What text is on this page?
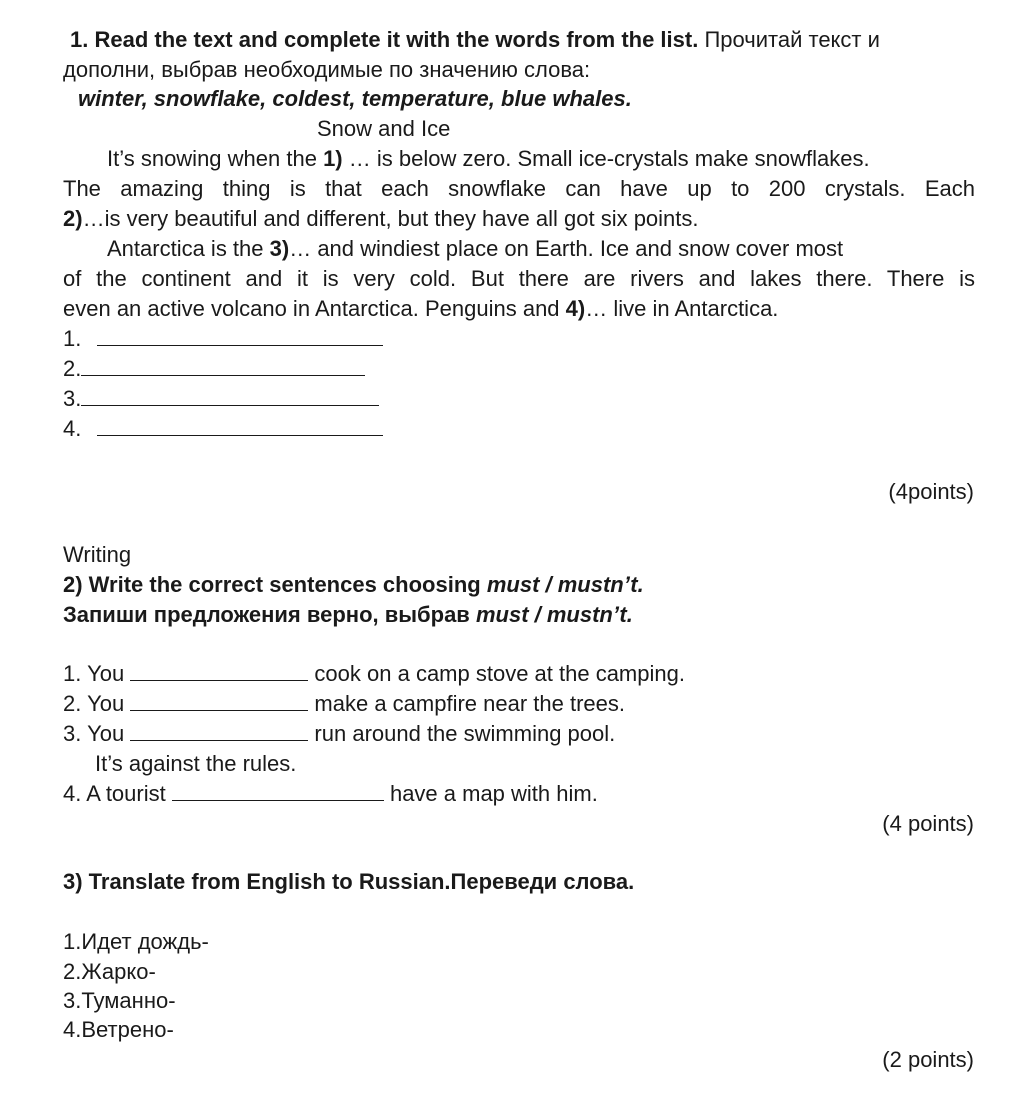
1. Read the text and complete it with the words from the list. Прочитай текст и
дополни, выбрав необходимые по значению слова:
winter, snowflake, coldest, temperature, blue whales.
Snow and Ice
It’s snowing when the 1) … is below zero. Small ice-crystals make snowflakes.
The amazing thing is that each snowflake can have up to 200 crystals. Each
2)…is very beautiful and different, but they have all got six points.
Antarctica is the 3)… and windiest place on Earth. Ice and snow cover most
of the continent and it is very cold. But there are rivers and lakes there. There is
even an active volcano in Antarctica. Penguins and 4)… live in Antarctica.
1.
2.
3.
4.
(4points)
Writing
2) Write the correct sentences choosing must / mustn’t.
Запиши предложения верно, выбрав must / mustn’t.
1. You	cook on a camp stove at the camping.
2. You	make a campfire near the trees.
3. You	run around the swimming pool.
It’s against the rules.
4. A tourist	have a map with him.
(4 points)
3) Translate from English to Russian.Переведи слова.
1.Идет дождь-
2.Жарко-
3.Туманно-
4.Ветрено-
(2 points)
